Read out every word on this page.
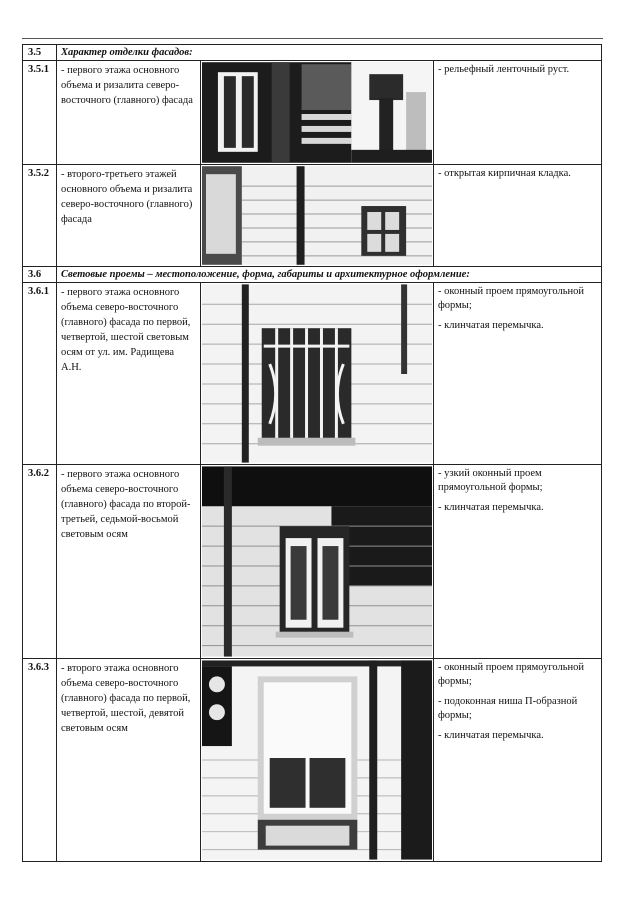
3.5	Характер отделки фасадов:		
3.5.1	- первого этажа основного объема и ризалита северо-восточного (главного) фасада		- рельефный ленточный руст.

3.5.2	- второго-третьего этажей основного объема и ризалита северо-восточного (главного) фасада		- открытая кирпичная кладка.

3.6	Световые проемы – местоположение, форма, габариты и архитектурное оформление:		
3.6.1	- первого этажа основного объема северо-восточного (главного) фасада по первой, четвертой, шестой световым осям от ул. им. Радищева А.Н.		- оконный проем прямоугольной формы;
- клинчатая перемычка.

3.6.2	- первого этажа основного объема северо-восточного (главного) фасада по второй-третьей, седьмой-восьмой световым осям		- узкий оконный проем прямоугольной формы;
- клинчатая перемычка.

3.6.3	- второго этажа основного объема северо-восточного (главного) фасада по первой, четвертой, шестой, девятой световым осям		- оконный проем прямоугольной формы;
- подоконная ниша П-образной формы;
- клинчатая перемычка.
